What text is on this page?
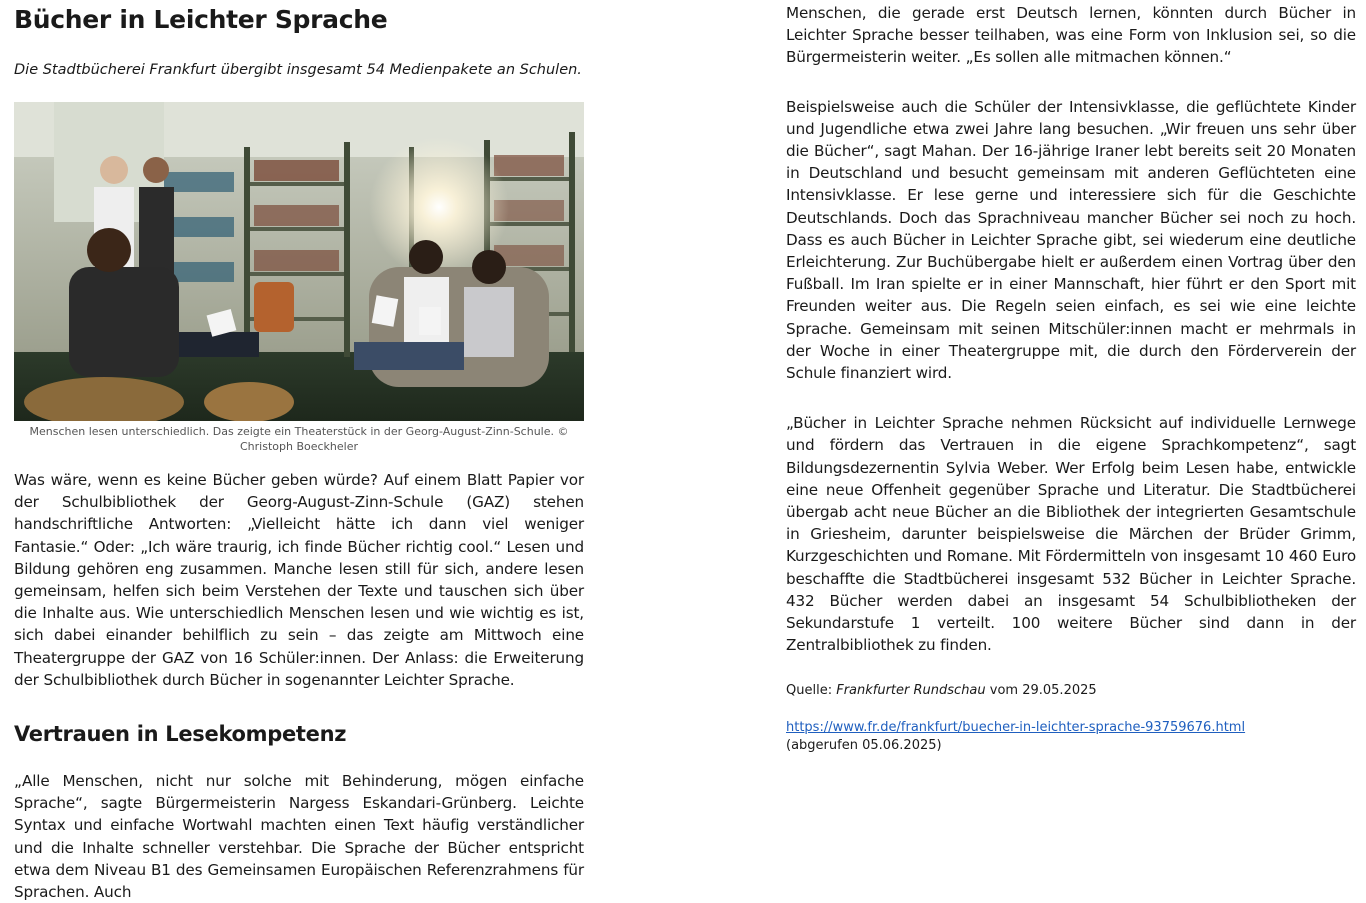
Bücher in Leichter Sprache
Die Stadtbücherei Frankfurt übergibt insgesamt 54 Medienpakete an Schulen.
Menschen lesen unterschiedlich. Das zeigte ein Theaterstück in der Georg-August-Zinn-Schule. © Christoph Boeckheler

Was wäre, wenn es keine Bücher geben würde? Auf einem Blatt Papier vor der Schulbibliothek der Georg-August-Zinn-Schule (GAZ) stehen handschriftliche Antworten: „Vielleicht hätte ich dann viel weniger Fantasie.“ Oder: „Ich wäre traurig, ich finde Bücher richtig cool.“ Lesen und Bildung gehören eng zusammen. Manche lesen still für sich, andere lesen gemeinsam, helfen sich beim Verstehen der Texte und tauschen sich über die Inhalte aus. Wie unterschiedlich Menschen lesen und wie wichtig es ist, sich dabei einander behilflich zu sein – das zeigte am Mittwoch eine Theatergruppe der GAZ von 16 Schüler:innen. Der Anlass: die Erweiterung der Schulbibliothek durch Bücher in sogenannter Leichter Sprache.

Vertrauen in Lesekompetenz

„Alle Menschen, nicht nur solche mit Behinderung, mögen einfache Sprache“, sagte Bürgermeisterin Nargess Eskandari-Grünberg. Leichte Syntax und einfache Wortwahl machten einen Text häufig verständlicher und die Inhalte schneller verstehbar. Die Sprache der Bücher entspricht etwa dem Niveau B1 des Gemeinsamen Europäischen Referenzrahmens für Sprachen. Auch

Menschen, die gerade erst Deutsch lernen, könnten durch Bücher in Leichter Sprache besser teilhaben, was eine Form von Inklusion sei, so die Bürgermeisterin weiter. „Es sollen alle mitmachen können.“

Beispielsweise auch die Schüler der Intensivklasse, die geflüchtete Kinder und Jugendliche etwa zwei Jahre lang besuchen. „Wir freuen uns sehr über die Bücher“, sagt Mahan. Der 16-jährige Iraner lebt bereits seit 20 Monaten in Deutschland und besucht gemeinsam mit anderen Geflüchteten eine Intensivklasse. Er lese gerne und interessiere sich für die Geschichte Deutschlands. Doch das Sprachniveau mancher Bücher sei noch zu hoch. Dass es auch Bücher in Leichter Sprache gibt, sei wiederum eine deutliche Erleichterung. Zur Buchübergabe hielt er außerdem einen Vortrag über den Fußball. Im Iran spielte er in einer Mannschaft, hier führt er den Sport mit Freunden weiter aus. Die Regeln seien einfach, es sei wie eine leichte Sprache. Gemeinsam mit seinen Mitschüler:innen macht er mehrmals in der Woche in einer Theatergruppe mit, die durch den Förderverein der Schule finanziert wird.

„Bücher in Leichter Sprache nehmen Rücksicht auf individuelle Lernwege und fördern das Vertrauen in die eigene Sprachkompetenz“, sagt Bildungsdezernentin Sylvia Weber. Wer Erfolg beim Lesen habe, entwickle eine neue Offenheit gegenüber Sprache und Literatur. Die Stadtbücherei übergab acht neue Bücher an die Bibliothek der integrierten Gesamtschule in Griesheim, darunter beispielsweise die Märchen der Brüder Grimm, Kurzgeschichten und Romane. Mit Fördermitteln von insgesamt 10 460 Euro beschaffte die Stadtbücherei insgesamt 532 Bücher in Leichter Sprache. 432 Bücher werden dabei an insgesamt 54 Schulbibliotheken der Sekundarstufe 1 verteilt. 100 weitere Bücher sind dann in der Zentralbibliothek zu finden.

Quelle: Frankfurter Rundschau vom 29.05.2025
https://www.fr.de/frankfurt/buecher-in-leichter-sprache-93759676.html
(abgerufen 05.06.2025)
